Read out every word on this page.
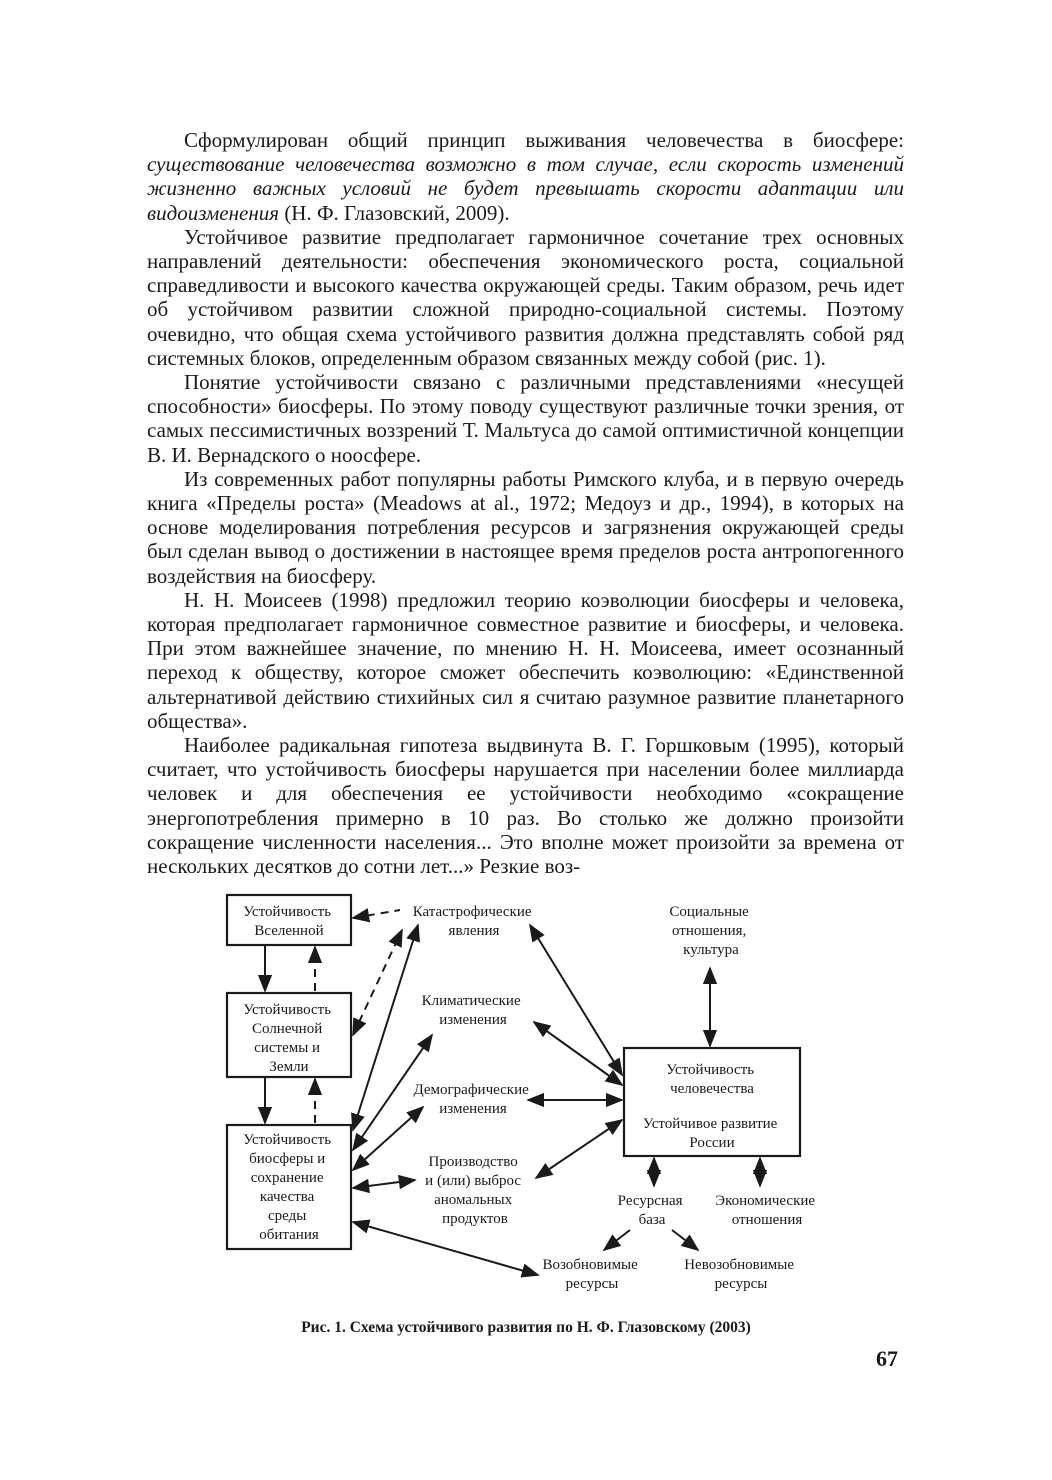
Сформулирован общий принцип выживания человечества в биосфере: существование человечества возможно в том случае, если скорость изменений жизненно важных условий не будет превышать скорости адаптации или видоизменения (Н. Ф. Глазовский, 2009).

Устойчивое развитие предполагает гармоничное сочетание трех основных направлений деятельности: обеспечения экономического роста, социальной справедливости и высокого качества окружающей среды. Таким образом, речь идет об устойчивом развитии сложной природно-социальной системы. Поэтому очевидно, что общая схема устойчивого развития должна представлять собой ряд системных блоков, определенным образом связанных между собой (рис. 1).

Понятие устойчивости связано с различными представлениями «несущей способности» биосферы. По этому поводу существуют различные точки зрения, от самых пессимистичных воззрений Т. Мальтуса до самой оптимистичной концепции В. И. Вернадского о ноосфере.

Из современных работ популярны работы Римского клуба, и в первую очередь книга «Пределы роста» (Meadows at al., 1972; Медоуз и др., 1994), в которых на основе моделирования потребления ресурсов и загрязнения окружающей среды был сделан вывод о достижении в настоящее время пределов роста антропогенного воздействия на биосферу.

Н. Н. Моисеев (1998) предложил теорию коэволюции биосферы и человека, которая предполагает гармоничное совместное развитие и биосферы, и человека. При этом важнейшее значение, по мнению Н. Н. Моисеева, имеет осознанный переход к обществу, которое сможет обеспечить коэволюцию: «Единственной альтернативой действию стихийных сил я считаю разумное развитие планетарного общества».

Наиболее радикальная гипотеза выдвинута В. Г. Горшковым (1995), который считает, что устойчивость биосферы нарушается при населении более миллиарда человек и для обеспечения ее устойчивости необходимо «сокращение энергопотребления примерно в 10 раз. Во столько же должно произойти сокращение численности населения... Это вполне может произойти за времена от нескольких десятков до сотни лет...» Резкие воз-

Устойчивость Вселенной
Устойчивость Солнечной системы и Земли
Устойчивость биосферы и сохранение качества среды обитания
Устойчивость человечества
Устойчивое развитие России
Катастрофические явления
Климатические изменения
Демографические изменения
Производство и (или) выброс аномальных продуктов
Социальные отношения, культура
Ресурсная база
Экономические отношения
Возобновимые ресурсы
Невозобновимые ресурсы
Рис. 1. Схема устойчивого развития по Н. Ф. Глазовскому (2003)
67
